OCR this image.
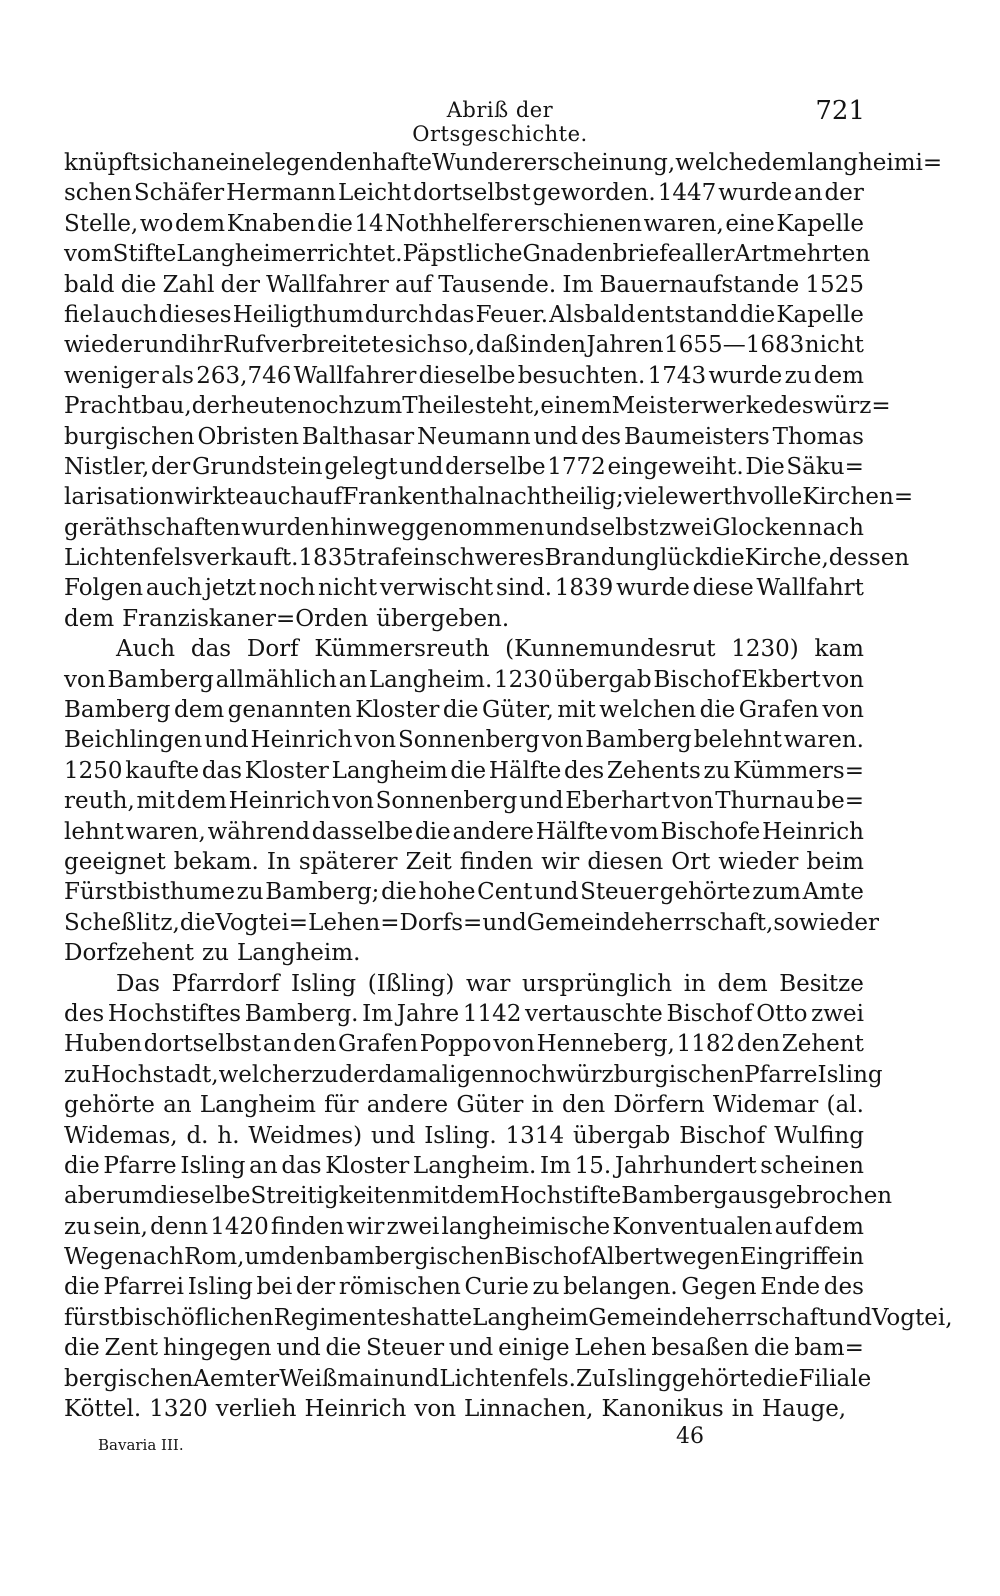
Abriß der Ortsgeschichte.
721
knüpft sich an eine legendenhafte Wundererscheinung, welche dem langheimi=
schen Schäfer Hermann Leicht dortselbst geworden. 1447 wurde an der
Stelle, wo dem Knaben die 14 Nothhelfer erschienen waren, eine Kapelle
vom Stifte Langheim errichtet. Päpstliche Gnadenbriefe aller Art mehrten
bald die Zahl der Wallfahrer auf Tausende. Im Bauernaufstande 1525
fiel auch dieses Heiligthum durch das Feuer. Alsbald entstand die Kapelle
wieder und ihr Ruf verbreitete sich so, daß in den Jahren 1655—1683 nicht
weniger als 263,746 Wallfahrer dieselbe besuchten. 1743 wurde zu dem
Prachtbau, der heute noch zum Theile steht, einem Meisterwerke des würz=
burgischen Obristen Balthasar Neumann und des Baumeisters Thomas
Nistler, der Grundstein gelegt und derselbe 1772 eingeweiht. Die Säku=
larisation wirkte auch auf Frankenthal nachtheilig; viele werthvolle Kirchen=
geräthschaften wurden hinweggenommen und selbst zwei Glocken nach
Lichtenfels verkauft. 1835 traf ein schweres Brandunglück die Kirche, dessen
Folgen auch jetzt noch nicht verwischt sind. 1839 wurde diese Wallfahrt
dem Franziskaner=Orden übergeben.
Auch das Dorf Kümmersreuth (Kunnemundesrut 1230) kam
von Bamberg allmählich an Langheim. 1230 übergab Bischof Ekbert von
Bamberg dem genannten Kloster die Güter, mit welchen die Grafen von
Beichlingen und Heinrich von Sonnenberg von Bamberg belehnt waren.
1250 kaufte das Kloster Langheim die Hälfte des Zehents zu Kümmers=
reuth, mit dem Heinrich von Sonnenberg und Eberhart von Thurnau be=
lehnt waren, während dasselbe die andere Hälfte vom Bischofe Heinrich
geeignet bekam. In späterer Zeit finden wir diesen Ort wieder beim
Fürstbisthume zu Bamberg; die hohe Cent und Steuer gehörte zum Amte
Scheßlitz, die Vogtei=Lehen=Dorfs= und Gemeindeherrschaft, so wie der
Dorfzehent zu Langheim.
Das Pfarrdorf Isling (Ißling) war ursprünglich in dem Besitze
des Hochstiftes Bamberg. Im Jahre 1142 vertauschte Bischof Otto zwei
Huben dortselbst an den Grafen Poppo von Henneberg, 1182 den Zehent
zu Hochstadt, welcher zu der damaligen noch würzburgischen Pfarre Isling
gehörte an Langheim für andere Güter in den Dörfern Widemar (al.
Widemas, d. h. Weidmes) und Isling. 1314 übergab Bischof Wulfing
die Pfarre Isling an das Kloster Langheim. Im 15. Jahrhundert scheinen
aber um dieselbe Streitigkeiten mit dem Hochstifte Bamberg ausgebrochen
zu sein, denn 1420 finden wir zwei langheimische Konventualen auf dem
Wege nach Rom, um den bambergischen Bischof Albert wegen Eingriffe in
die Pfarrei Isling bei der römischen Curie zu belangen. Gegen Ende des
fürstbischöflichen Regimentes hatte Langheim Gemeindeherrschaft und Vogtei,
die Zent hingegen und die Steuer und einige Lehen besaßen die bam=
bergischen Aemter Weißmain und Lichtenfels. Zu Isling gehörte die Filiale
Köttel. 1320 verlieh Heinrich von Linnachen, Kanonikus in Hauge,
Bavaria III.	46
